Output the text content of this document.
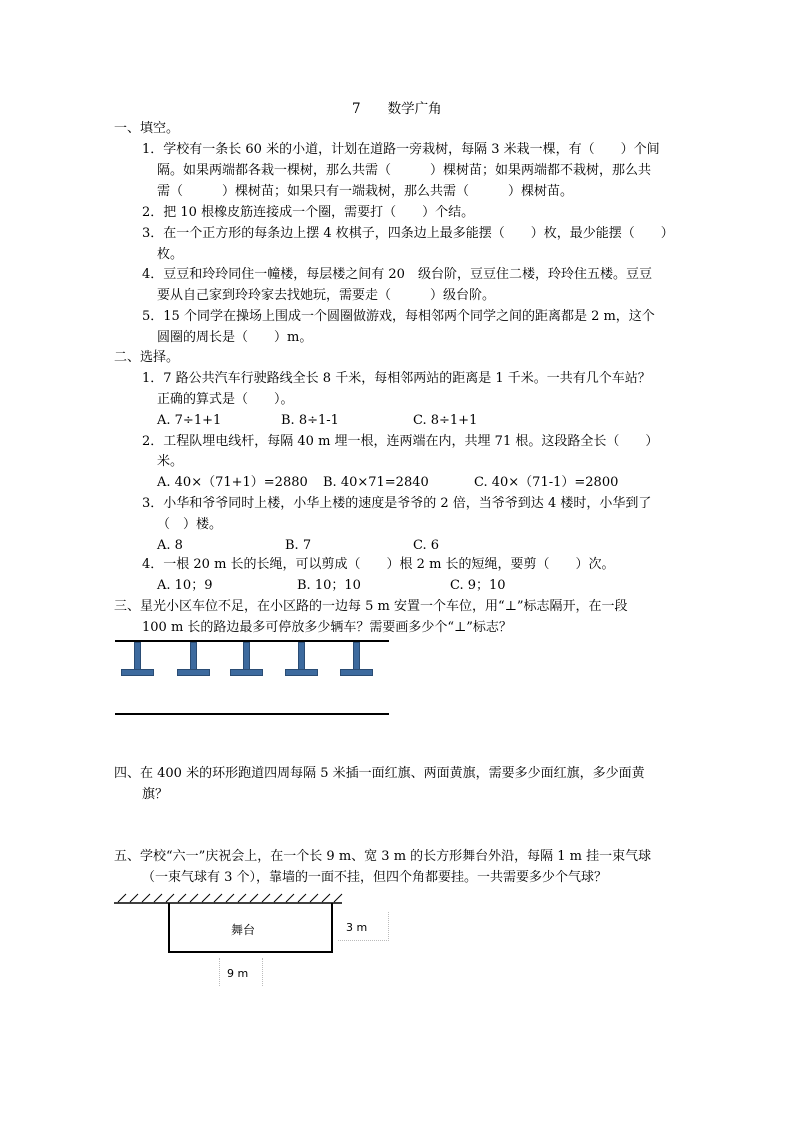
7　　数学广角
一、填空。
1．学校有一条长 60 米的小道，计划在道路一旁栽树，每隔 3 米栽一棵，有（　　）个间
隔。如果两端都各栽一棵树，那么共需（　　　）棵树苗；如果两端都不栽树，那么共
需（　　　）棵树苗；如果只有一端栽树，那么共需（　　　）棵树苗。
2．把 10 根橡皮筋连接成一个圈，需要打（　　）个结。
3．在一个正方形的每条边上摆 4 枚棋子，四条边上最多能摆（　　）枚，最少能摆（　　）
枚。
4．豆豆和玲玲同住一幢楼，每层楼之间有 20　级台阶，豆豆住二楼，玲玲住五楼。豆豆
要从自己家到玲玲家去找她玩，需要走（　　　）级台阶。
5．15 个同学在操场上围成一个圆圈做游戏，每相邻两个同学之间的距离都是 2 m，这个
圆圈的周长是（　　）m。
二、选择。
1．7 路公共汽车行驶路线全长 8 千米，每相邻两站的距离是 1 千米。一共有几个车站？
正确的算式是（　　）。
A. 7÷1+1	B. 8÷1-1	C. 8÷1+1
2．工程队埋电线杆，每隔 40 m 埋一根，连两端在内，共埋 71 根。这段路全长（　　）
米。
A. 40×（71+1）=2880 B. 40×71=2840	C. 40×（71-1）=2800
3．小华和爷爷同时上楼，小华上楼的速度是爷爷的 2 倍，当爷爷到达 4 楼时，小华到了
（　）楼。
A. 8	B. 7	C. 6
4．一根 20 m 长的长绳，可以剪成（　　）根 2 m 长的短绳，要剪（　　）次。
A. 10；9	B. 10；10	C. 9；10
三、星光小区车位不足，在小区路的一边每 5 m 安置一个车位，用“⊥”标志隔开，在一段
100 m 长的路边最多可停放多少辆车？需要画多少个“⊥”标志？
四、在 400 米的环形跑道四周每隔 5 米插一面红旗、两面黄旗，需要多少面红旗，多少面黄
旗？
五、学校“六一”庆祝会上，在一个长 9 m、宽 3 m 的长方形舞台外沿，每隔 1 m 挂一束气球
（一束气球有 3 个），靠墙的一面不挂，但四个角都要挂。一共需要多少个气球？
舞台	3 m
9 m
